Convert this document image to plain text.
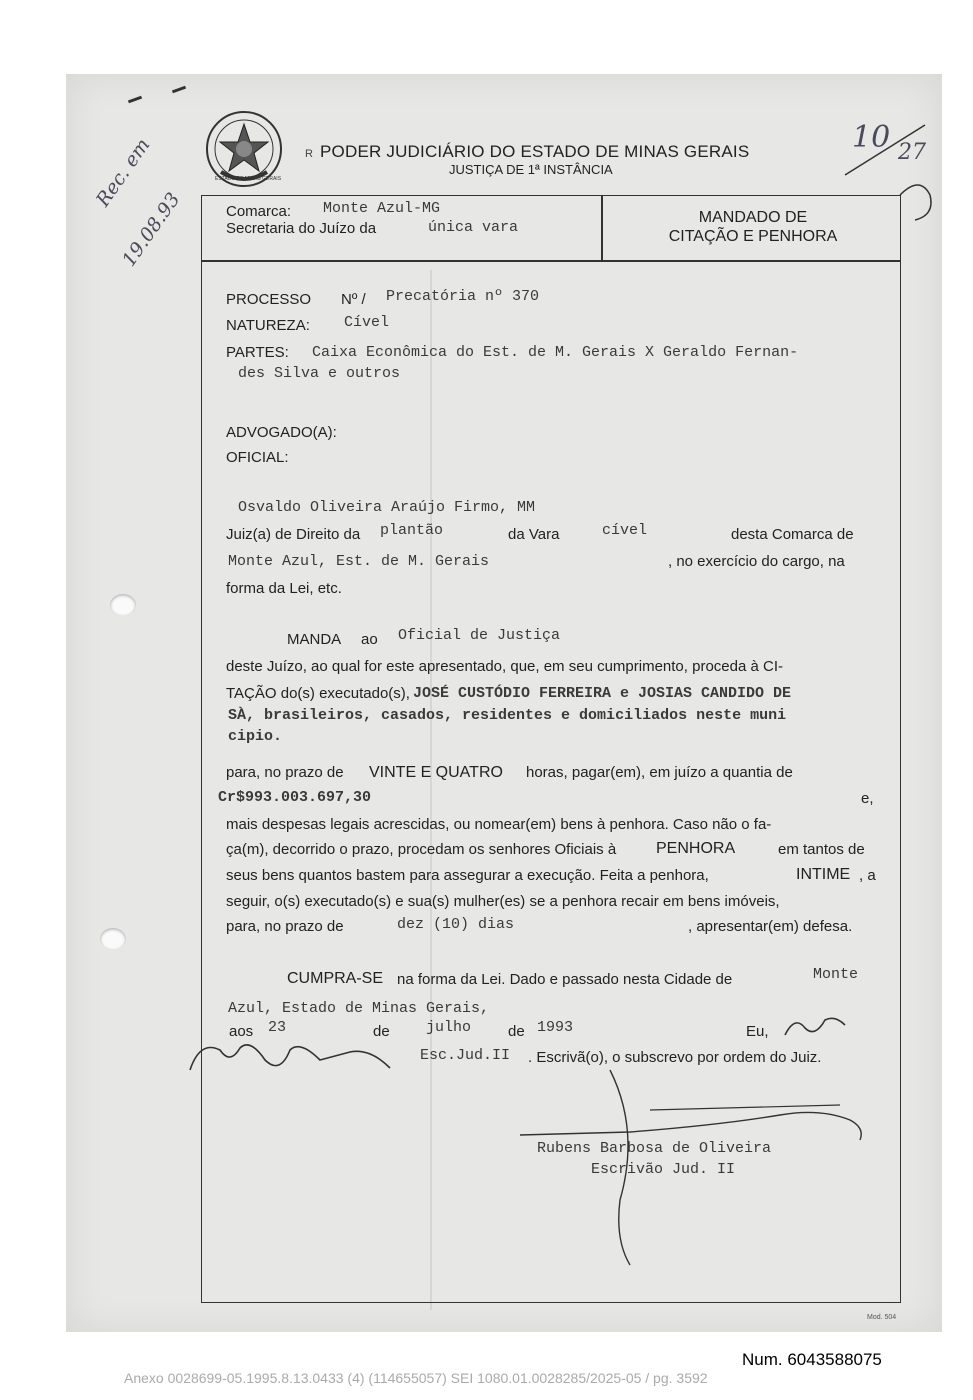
ESTADO DE MINAS GERAIS
R PODER JUDICIÁRIO DO ESTADO DE MINAS GERAIS
JUSTIÇA DE 1ª INSTÂNCIA
Comarca: Monte Azul-MG
Secretaria do Juízo da	única vara
MANDADO DE
CITAÇÃO E PENHORA
PROCESSO Nº / Precatória nº 370
NATUREZA: Cível
PARTES: Caixa Econômica do Est. de M. Gerais X Geraldo Fernan-
des Silva e outros
ADVOGADO(A):
OFICIAL:
Osvaldo Oliveira Araújo Firmo, MM
Juiz(a) de Direito da plantão	da Vara	cível	desta Comarca de
Monte Azul, Est. de M. Gerais	, no exercício do cargo, na
forma da Lei, etc.
MANDA ao Oficial de Justiça
deste Juízo, ao qual for este apresentado, que, em seu cumprimento, proceda à CI-
TAÇÃO do(s) executado(s), JOSÉ CUSTÓDIO FERREIRA e JOSIAS CANDIDO DE
SÀ, brasileiros, casados, residentes e domiciliados neste muni
cipio.
para, no prazo de VINTE E QUATRO horas, pagar(em), em juízo a quantia de
Cr$993.003.697,30	e,
mais despesas legais acrescidas, ou nomear(em) bens à penhora. Caso não o fa-
ça(m), decorrido o prazo, procedam os senhores Oficiais à PENHORA	em tantos de
seus bens quantos bastem para assegurar a execução. Feita a penhora,	INTIME , a
seguir, o(s) executado(s) e sua(s) mulher(es) se a penhora recair em bens imóveis,
para, no prazo de	dez (10) dias	, apresentar(em) defesa.
CUMPRA-SE na forma da Lei. Dado e passado nesta Cidade de	Monte
Azul, Estado de Minas Gerais,
aos 23	de julho de 1993	Eu,
Esc.Jud.II . Escrivã(o), o subscrevo por ordem do Juiz.
Rubens Barbosa de Oliveira
Escrivão Jud. II
Rec. em
19.08.93
10 27
Mod. 504
Num. 6043588075
Anexo 0028699-05.1995.8.13.0433 (4) (114655057) SEI 1080.01.0028285/2025-05 / pg. 3592
